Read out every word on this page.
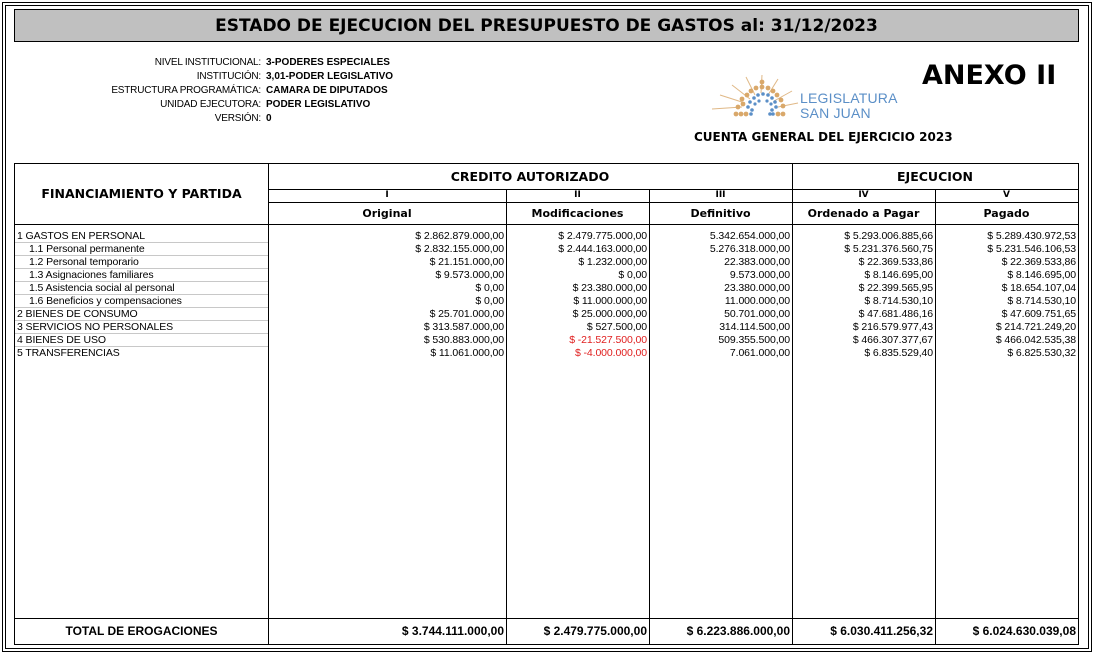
ESTADO DE EJECUCION DEL PRESUPUESTO DE GASTOS al: 31/12/2023
NIVEL INSTITUCIONAL: 3-PODERES ESPECIALES
INSTITUCIÓN: 3,01-PODER LEGISLATIVO
ESTRUCTURA PROGRAMÁTICA: CAMARA DE DIPUTADOS
UNIDAD EJECUTORA: PODER LEGISLATIVO
VERSIÓN: 0
LEGISLATURA
SAN JUAN
ANEXO II
CUENTA GENERAL DEL EJERCICIO 2023
FINANCIAMIENTO Y PARTIDA
CREDITO AUTORIZADO	EJECUCION
I	II	III	IV	V
Original	Modificaciones	Definitivo	Ordenado a Pagar	Pagado
1 GASTOS EN PERSONAL	$ 2.862.879.000,00	$ 2.479.775.000,00	5.342.654.000,00	$ 5.293.006.885,66	$ 5.289.430.972,53
1.1 Personal permanente	$ 2.832.155.000,00	$ 2.444.163.000,00	5.276.318.000,00	$ 5.231.376.560,75	$ 5.231.546.106,53
1.2 Personal temporario	$ 21.151.000,00	$ 1.232.000,00	22.383.000,00	$ 22.369.533,86	$ 22.369.533,86
1.3 Asignaciones familiares	$ 9.573.000,00	$ 0,00	9.573.000,00	$ 8.146.695,00	$ 8.146.695,00
1.5 Asistencia social al personal	$ 0,00	$ 23.380.000,00	23.380.000,00	$ 22.399.565,95	$ 18.654.107,04
1.6 Beneficios y compensaciones	$ 0,00	$ 11.000.000,00	11.000.000,00	$ 8.714.530,10	$ 8.714.530,10
2 BIENES DE CONSUMO	$ 25.701.000,00	$ 25.000.000,00	50.701.000,00	$ 47.681.486,16	$ 47.609.751,65
3 SERVICIOS NO PERSONALES	$ 313.587.000,00	$ 527.500,00	314.114.500,00	$ 216.579.977,43	$ 214.721.249,20
4 BIENES DE USO	$ 530.883.000,00	$ -21.527.500,00	509.355.500,00	$ 466.307.377,67	$ 466.042.535,38
5 TRANSFERENCIAS	$ 11.061.000,00	$ -4.000.000,00	7.061.000,00	$ 6.835.529,40	$ 6.825.530,32
TOTAL DE EROGACIONES	$ 3.744.111.000,00	$ 2.479.775.000,00	$ 6.223.886.000,00	$ 6.030.411.256,32	$ 6.024.630.039,08
